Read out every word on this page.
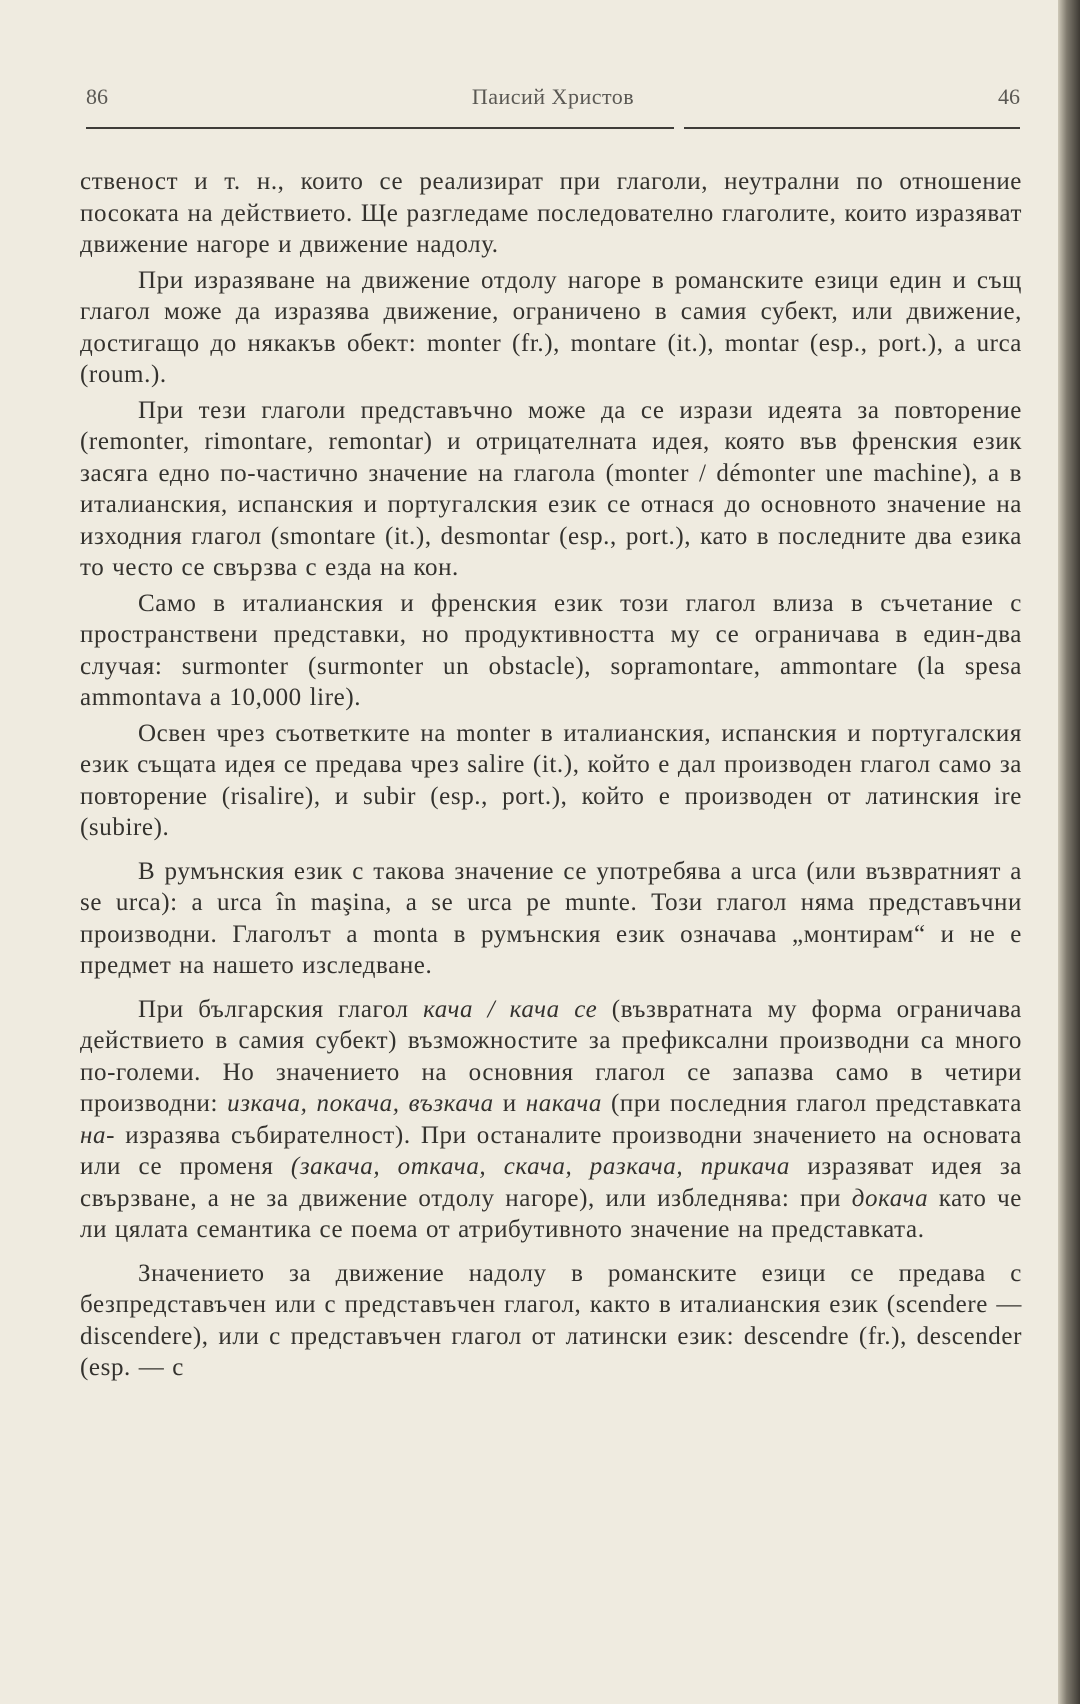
86	Паисий Христов	46

ственост и т. н., които се реализират при глаголи, неутрални по отношение посоката на действието. Ще разгледаме последователно глаголите, които изразяват движение нагоре и движение надолу.

При изразяване на движение отдолу нагоре в романските езици един и същ глагол може да изразява движение, ограничено в самия субект, или движение, достигащо до някакъв обект: monter (fr.), montare (it.), montar (esp., port.), a urca (roum.).

При тези глаголи представъчно може да се изрази идеята за повторение (remonter, rimontare, remontar) и отрицателната идея, която във френския език засяга едно по-частично значение на глагола (monter / démonter une machine), а в италианския, испанския и португалския език се отнася до основното значение на изходния глагол (smontare (it.), desmontar (esp., port.), като в последните два езика то често се свързва с езда на кон.

Само в италианския и френския език този глагол влиза в съчетание с пространствени представки, но продуктивността му се ограничава в един-два случая: surmonter (surmonter un obstacle), sopramontare, ammontare (la spesa ammontava a 10,000 lire).

Освен чрез съответките на monter в италианския, испанския и португалския език същата идея се предава чрез salire (it.), който е дал производен глагол само за повторение (risalire), и subir (esp., port.), който е производен от латинския ire (subire).

В румънския език с такова значение се употребява a urca (или възвратният a se urca): a urca în maşina, a se urca pe munte. Този глагол няма представъчни производни. Глаголът a monta в румънския език означава „монтирам“ и не е предмет на нашето изследване.

При българския глагол кача / кача се (възвратната му форма ограничава действието в самия субект) възможностите за префиксални производни са много по-големи. Но значението на основния глагол се запазва само в четири производни: изкача, покача, възкача и накача (при последния глагол представката на- изразява събирателност). При останалите производни значението на основата или се променя (закача, откача, скача, разкача, прикача изразяват идея за свързване, а не за движение отдолу нагоре), или избледнява: при докача като че ли цялата семантика се поема от атрибутивното значение на представката.

Значението за движение надолу в романските езици се предава с безпредставъчен или с представъчен глагол, както в италианския език (scendere — discendere), или с представъчен глагол от латински език: descendre (fr.), descender (esp. — с
